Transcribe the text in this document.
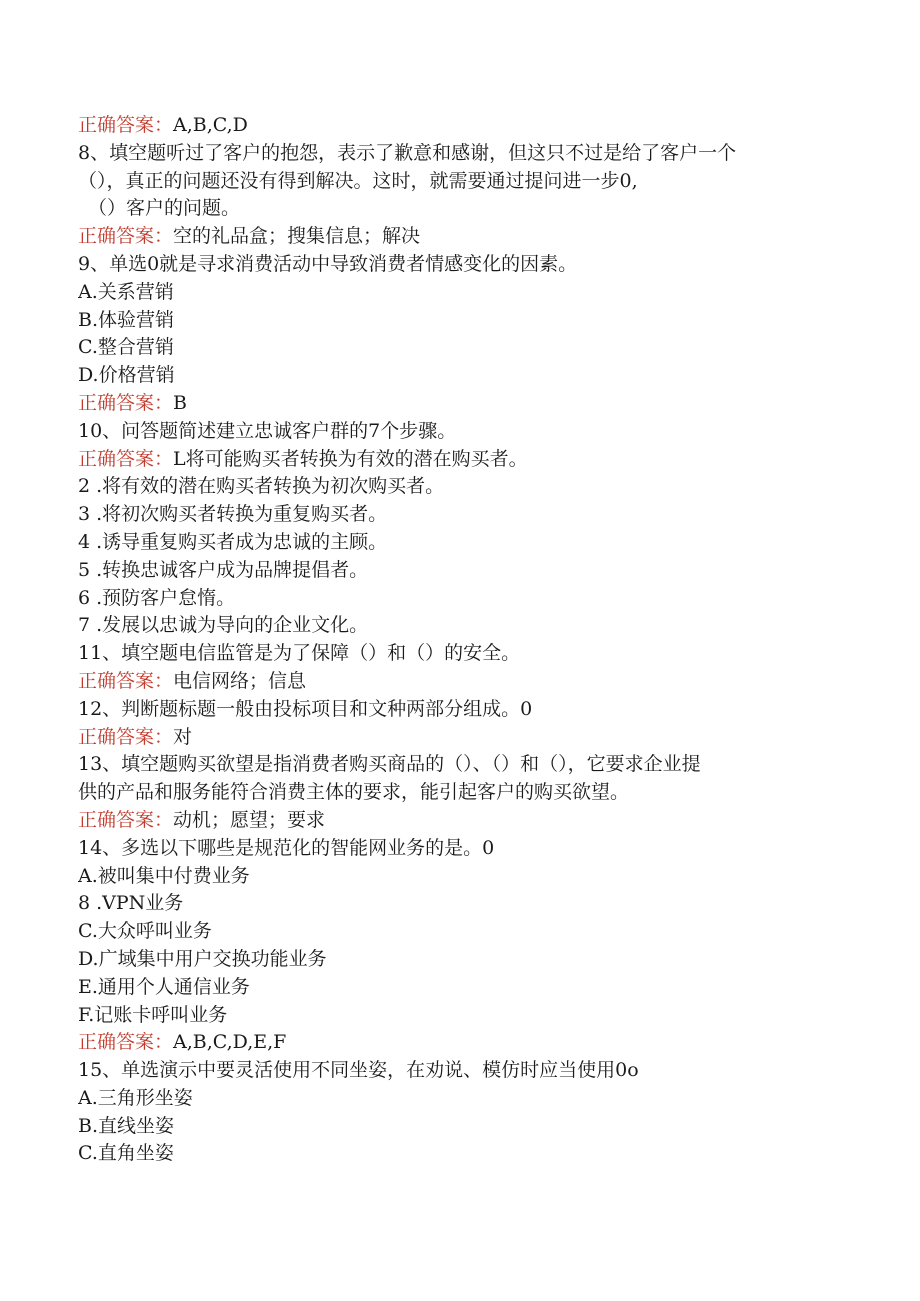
正确答案：A,B,C,D
8、填空题听过了客户的抱怨，表示了歉意和感谢，但这只不过是给了客户一个
（），真正的问题还没有得到解决。这时，就需要通过提问进一步0,
（）客户的问题。
正确答案：空的礼品盒；搜集信息；解决
9、单选0就是寻求消费活动中导致消费者情感变化的因素。
A.关系营销
B.体验营销
C.整合营销
D.价格营销
正确答案：B
10、问答题简述建立忠诚客户群的7个步骤。
正确答案：L将可能购买者转换为有效的潜在购买者。
2 .将有效的潜在购买者转换为初次购买者。
3 .将初次购买者转换为重复购买者。
4 .诱导重复购买者成为忠诚的主顾。
5 .转换忠诚客户成为品牌提倡者。
6 .预防客户怠惰。
7 .发展以忠诚为导向的企业文化。
11、填空题电信监管是为了保障（）和（）的安全。
正确答案：电信网络；信息
12、判断题标题一般由投标项目和文种两部分组成。0
正确答案：对
13、填空题购买欲望是指消费者购买商品的（）、（）和（），它要求企业提
供的产品和服务能符合消费主体的要求，能引起客户的购买欲望。
正确答案：动机；愿望；要求
14、多选以下哪些是规范化的智能网业务的是。0
A.被叫集中付费业务
8 .VPN业务
C.大众呼叫业务
D.广域集中用户交换功能业务
E.通用个人通信业务
F.记账卡呼叫业务
正确答案：A,B,C,D,E,F
15、单选演示中要灵活使用不同坐姿，在劝说、模仿时应当使用0o
A.三角形坐姿
B.直线坐姿
C.直角坐姿
